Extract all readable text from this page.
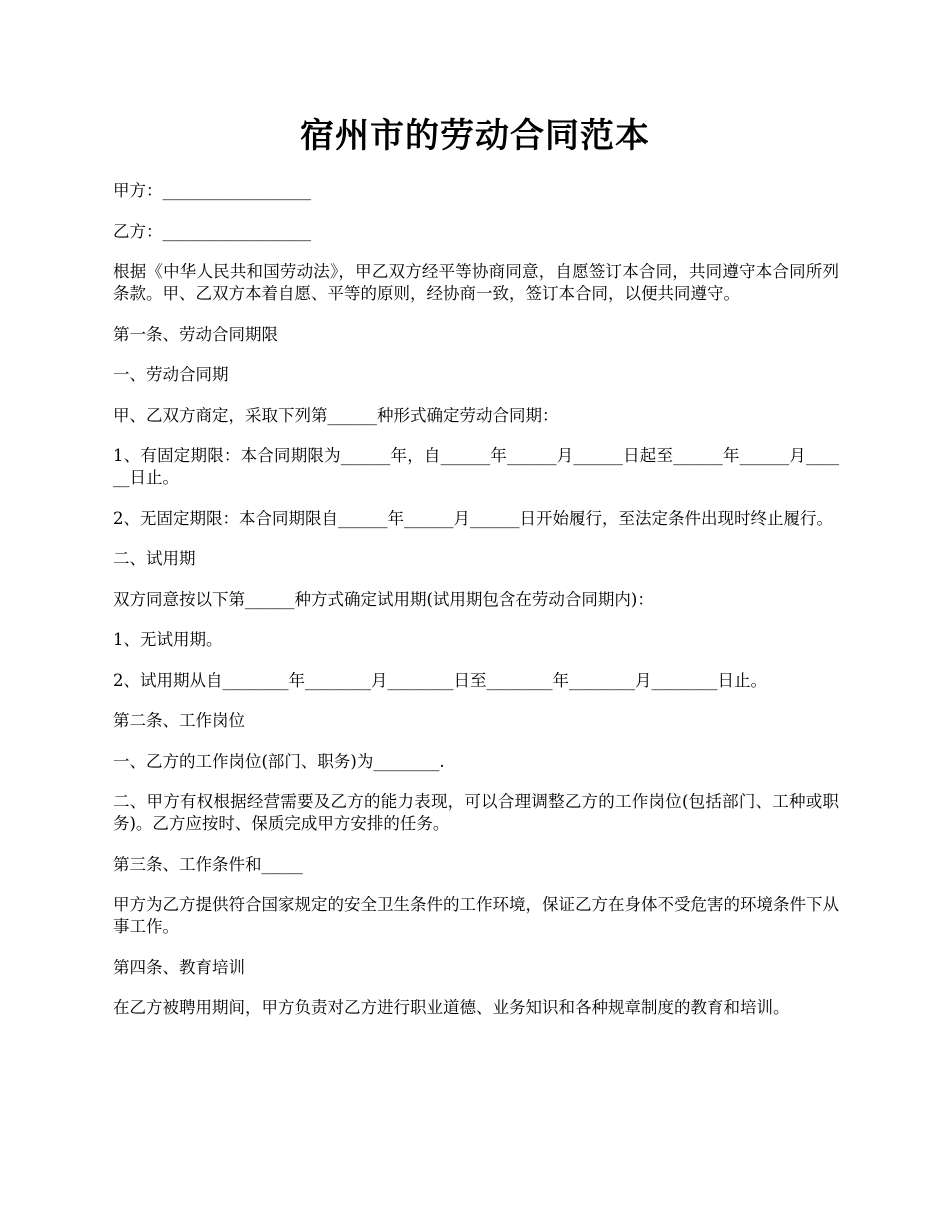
宿州市的劳动合同范本

甲方：__________________

乙方：__________________

根据《中华人民共和国劳动法》，甲乙双方经平等协商同意，自愿签订本合同，共同遵守本合同所列条款。甲、乙双方本着自愿、平等的原则，经协商一致，签订本合同，以便共同遵守。

第一条、劳动合同期限

一、劳动合同期

甲、乙双方商定，采取下列第______种形式确定劳动合同期：

1、有固定期限：本合同期限为______年，自______年______月______日起至______年______月______日止。

2、无固定期限：本合同期限自______年______月______日开始履行，至法定条件出现时终止履行。

二、试用期

双方同意按以下第______种方式确定试用期(试用期包含在劳动合同期内)：

1、无试用期。

2、试用期从自________年________月________日至________年________月________日止。

第二条、工作岗位

一、乙方的工作岗位(部门、职务)为________.

二、甲方有权根据经营需要及乙方的能力表现，可以合理调整乙方的工作岗位(包括部门、工种或职务)。乙方应按时、保质完成甲方安排的任务。

第三条、工作条件和_____

甲方为乙方提供符合国家规定的安全卫生条件的工作环境，保证乙方在身体不受危害的环境条件下从事工作。

第四条、教育培训

在乙方被聘用期间，甲方负责对乙方进行职业道德、业务知识和各种规章制度的教育和培训。
